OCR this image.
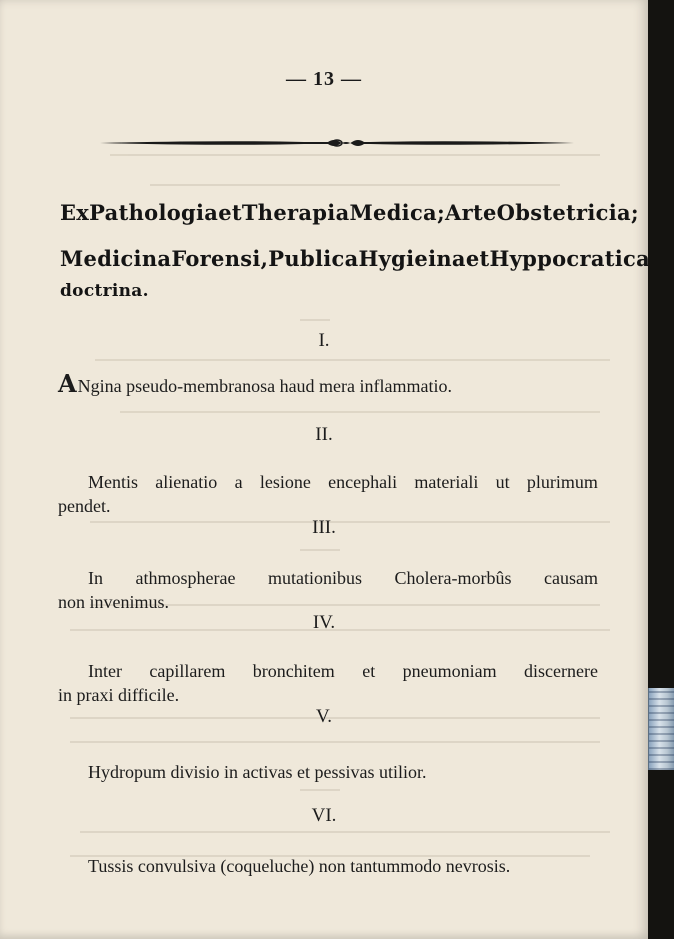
— 13 —
ExPathologiaetTherapiaMedica;ArteObstetricia;
MedicinaForensi,PublicaHygieinaetHyppocratica
doctrina.
I.
ANgina pseudo-membranosa haud mera inflammatio.
II.
Mentis alienatio a lesione encephali materiali ut plurimum
pendet.
III.
In athmospherae mutationibus Cholera-morbûs causam
non invenimus.
IV.
Inter capillarem bronchitem et pneumoniam discernere
in praxi difficile.
V.
Hydropum divisio in activas et pessivas utilior.
VI.
Tussis convulsiva (coqueluche) non tantummodo nevrosis.
